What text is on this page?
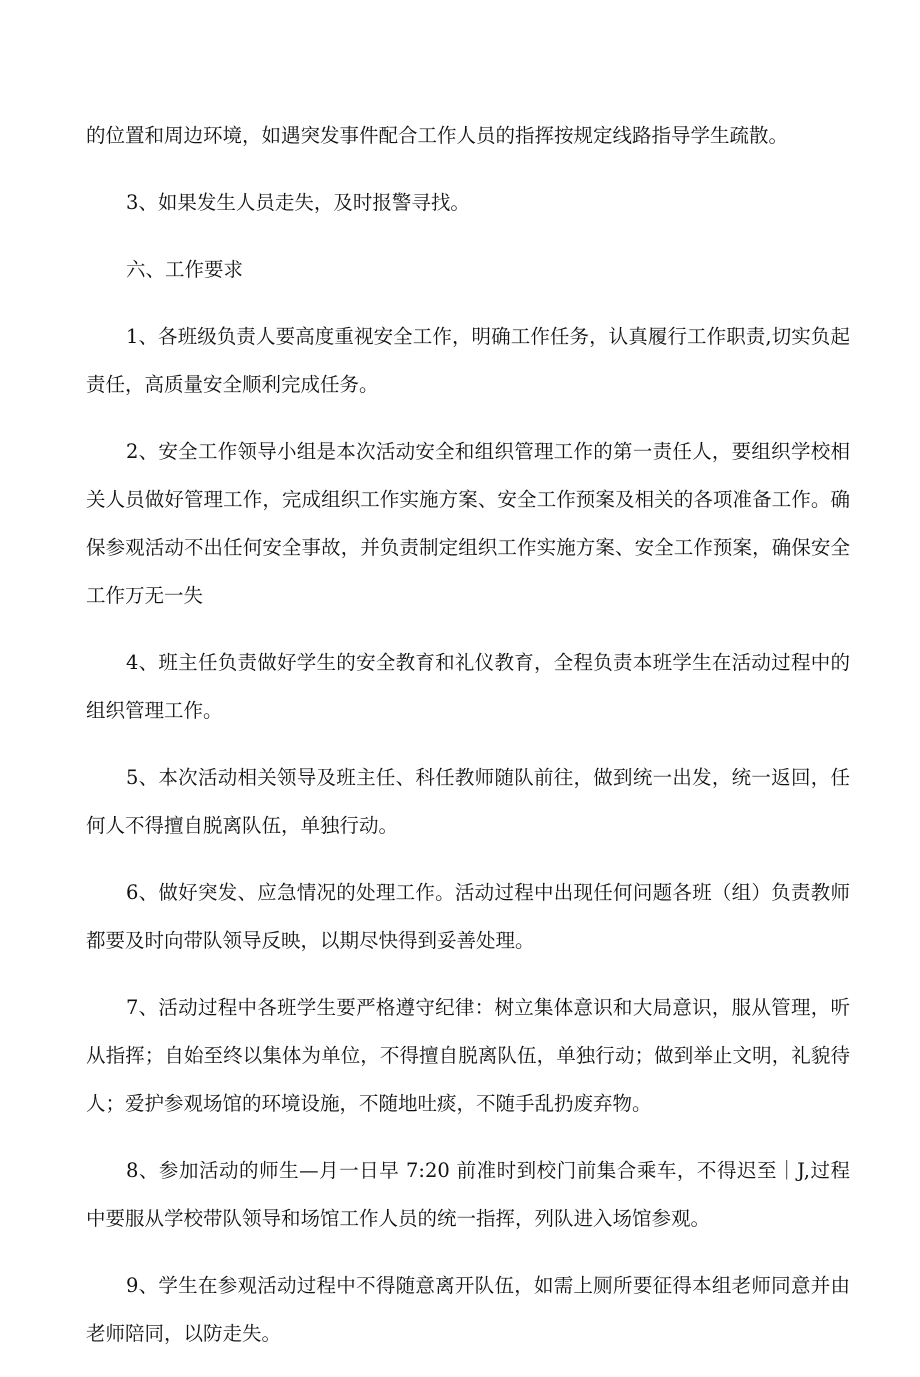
的位置和周边环境，如遇突发事件配合工作人员的指挥按规定线路指导学生疏散。

3、如果发生人员走失，及时报警寻找。

六、工作要求

1、各班级负责人要高度重视安全工作，明确工作任务，认真履行工作职责,切实负起责任，高质量安全顺利完成任务。

2、安全工作领导小组是本次活动安全和组织管理工作的第一责任人，要组织学校相关人员做好管理工作，完成组织工作实施方案、安全工作预案及相关的各项准备工作。确保参观活动不出任何安全事故，并负责制定组织工作实施方案、安全工作预案，确保安全工作万无一失

4、班主任负责做好学生的安全教育和礼仪教育，全程负责本班学生在活动过程中的组织管理工作。

5、本次活动相关领导及班主任、科任教师随队前往，做到统一出发，统一返回，任何人不得擅自脱离队伍，单独行动。

6、做好突发、应急情况的处理工作。活动过程中出现任何问题各班（组）负责教师都要及时向带队领导反映，以期尽快得到妥善处理。

7、活动过程中各班学生要严格遵守纪律：树立集体意识和大局意识，服从管理，听从指挥；自始至终以集体为单位，不得擅自脱离队伍，单独行动；做到举止文明，礼貌待人；爱护参观场馆的环境设施，不随地吐痰，不随手乱扔废弃物。

8、参加活动的师生—月一日早 7:20 前准时到校门前集合乘车，不得迟至｜J,过程中要服从学校带队领导和场馆工作人员的统一指挥，列队进入场馆参观。

9、学生在参观活动过程中不得随意离开队伍，如需上厕所要征得本组老师同意并由老师陪同，以防走失。
